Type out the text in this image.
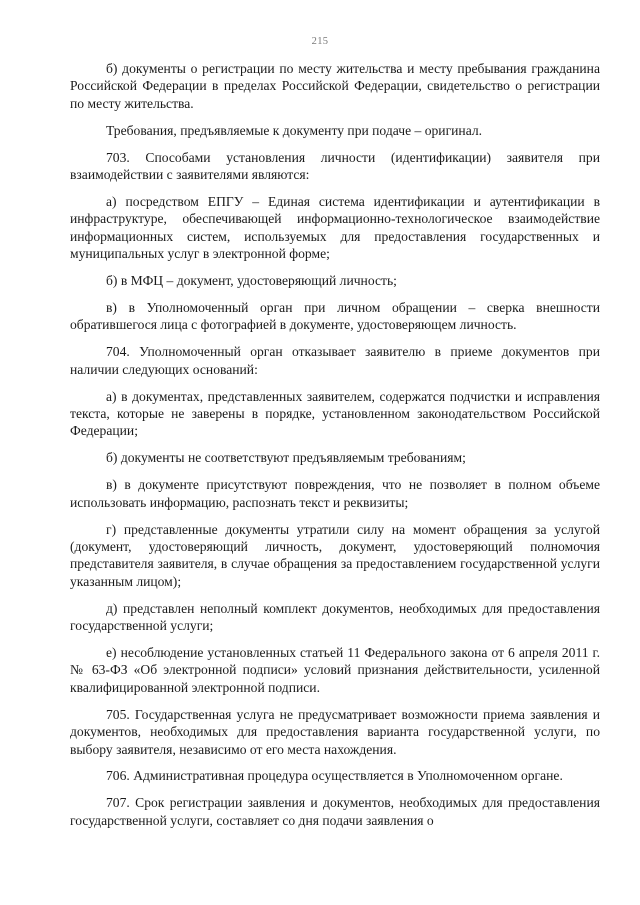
215

б) документы о регистрации по месту жительства и месту пребывания гражданина Российской Федерации в пределах Российской Федерации, свидетельство о регистрации по месту жительства.

Требования, предъявляемые к документу при подаче – оригинал.

703. Способами установления личности (идентификации) заявителя при взаимодействии с заявителями являются:

а) посредством ЕПГУ – Единая система идентификации и аутентификации в инфраструктуре, обеспечивающей информационно-технологическое взаимодействие информационных систем, используемых для предоставления государственных и муниципальных услуг в электронной форме;

б) в МФЦ – документ, удостоверяющий личность;

в) в Уполномоченный орган при личном обращении – сверка внешности обратившегося лица с фотографией в документе, удостоверяющем личность.

704. Уполномоченный орган отказывает заявителю в приеме документов при наличии следующих оснований:

а) в документах, представленных заявителем, содержатся подчистки и исправления текста, которые не заверены в порядке, установленном законодательством Российской Федерации;

б) документы не соответствуют предъявляемым требованиям;

в) в документе присутствуют повреждения, что не позволяет в полном объеме использовать информацию, распознать текст и реквизиты;

г) представленные документы утратили силу на момент обращения за услугой (документ, удостоверяющий личность, документ, удостоверяющий полномочия представителя заявителя, в случае обращения за предоставлением государственной услуги указанным лицом);

д) представлен неполный комплект документов, необходимых для предоставления государственной услуги;

е) несоблюдение установленных статьей 11 Федерального закона от 6 апреля 2011 г. № 63-ФЗ «Об электронной подписи» условий признания действительности, усиленной квалифицированной электронной подписи.

705. Государственная услуга не предусматривает возможности приема заявления и документов, необходимых для предоставления варианта государственной услуги, по выбору заявителя, независимо от его места нахождения.

706. Административная процедура осуществляется в Уполномоченном органе.

707. Срок регистрации заявления и документов, необходимых для предоставления государственной услуги, составляет со дня подачи заявления о
